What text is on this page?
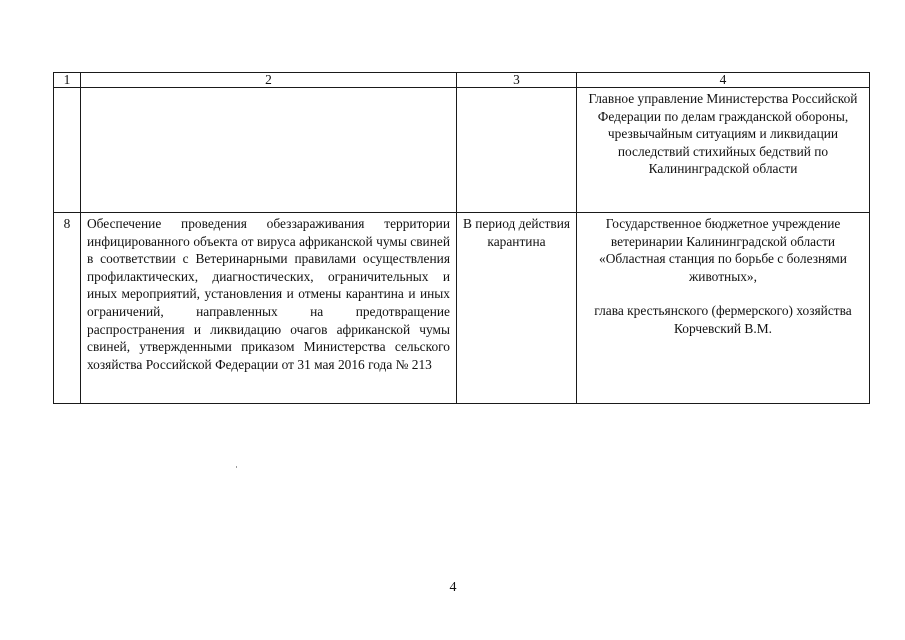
1	2	3	4
			Главное управление Министерства Российской Федерации по делам гражданской обороны, чрезвычайным ситуациям и ликвидации последствий стихийных бедствий по Калининградской области
8	Обеспечение проведения обеззараживания территории инфицированного объекта от вируса африканской чумы свиней в соответствии с Ветеринарными правилами осуществления профилактических, диагностических, ограничительных и иных мероприятий, установления и отмены карантина и иных ограничений, направленных на предотвращение распространения и ликвидацию очагов африканской чумы свиней, утвержденными приказом Министерства сельского хозяйства Российской Федерации от 31 мая 2016 года № 213	В период действия карантина	Государственное бюджетное учреждение ветеринарии Калининградской области «Областная станция по борьбе с болезнями животных»,
глава крестьянского (фермерского) хозяйства Корчевский В.М.
4
